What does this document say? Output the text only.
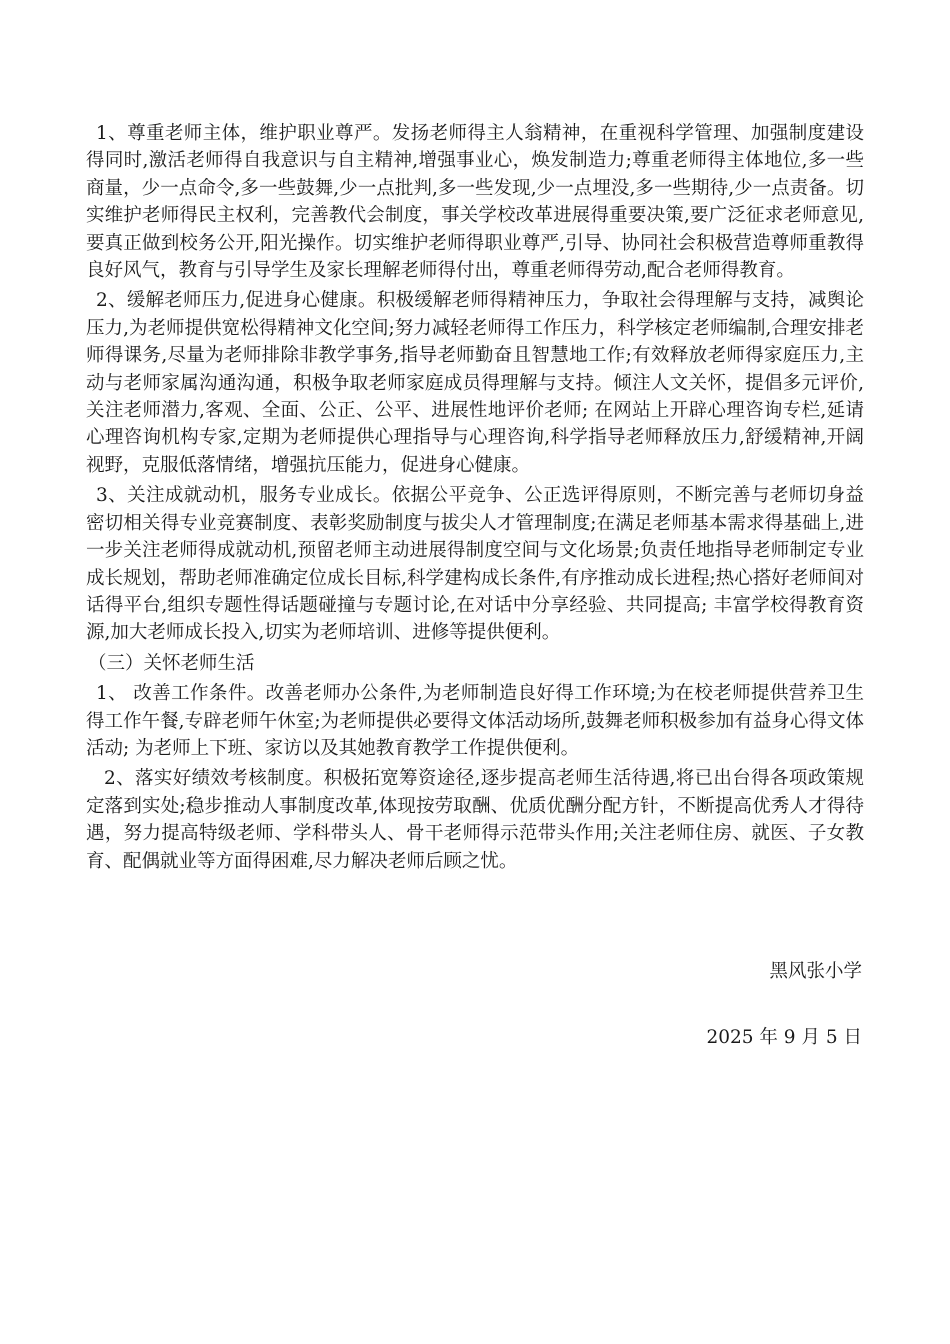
1、尊重老师主体，维护职业尊严。发扬老师得主人翁精神，在重视科学管理、加强制度建设得同时,激活老师得自我意识与自主精神,增强事业心，焕发制造力;尊重老师得主体地位,多一些商量，少一点命令,多一些鼓舞,少一点批判,多一些发现,少一点埋没,多一些期待,少一点责备。切实维护老师得民主权利，完善教代会制度，事关学校改革进展得重要决策,要广泛征求老师意见,要真正做到校务公开,阳光操作。切实维护老师得职业尊严,引导、协同社会积极营造尊师重教得良好风气，教育与引导学生及家长理解老师得付出，尊重老师得劳动,配合老师得教育。

2、缓解老师压力,促进身心健康。积极缓解老师得精神压力，争取社会得理解与支持，减舆论压力,为老师提供宽松得精神文化空间;努力减轻老师得工作压力，科学核定老师编制,合理安排老师得课务,尽量为老师排除非教学事务,指导老师勤奋且智慧地工作;有效释放老师得家庭压力,主动与老师家属沟通沟通，积极争取老师家庭成员得理解与支持。倾注人文关怀，提倡多元评价,关注老师潜力,客观、全面、公正、公平、进展性地评价老师; 在网站上开辟心理咨询专栏,延请心理咨询机构专家,定期为老师提供心理指导与心理咨询,科学指导老师释放压力,舒缓精神,开阔视野，克服低落情绪，增强抗压能力，促进身心健康。

3、关注成就动机，服务专业成长。依据公平竞争、公正选评得原则，不断完善与老师切身益密切相关得专业竞赛制度、表彰奖励制度与拔尖人才管理制度;在满足老师基本需求得基础上,进一步关注老师得成就动机,预留老师主动进展得制度空间与文化场景;负责任地指导老师制定专业成长规划，帮助老师准确定位成长目标,科学建构成长条件,有序推动成长进程;热心搭好老师间对话得平台,组织专题性得话题碰撞与专题讨论,在对话中分享经验、共同提高; 丰富学校得教育资源,加大老师成长投入,切实为老师培训、进修等提供便利。

（三）关怀老师生活

1、 改善工作条件。改善老师办公条件,为老师制造良好得工作环境;为在校老师提供营养卫生得工作午餐,专辟老师午休室;为老师提供必要得文体活动场所,鼓舞老师积极参加有益身心得文体活动; 为老师上下班、家访以及其她教育教学工作提供便利。

2、落实好绩效考核制度。积极拓宽筹资途径,逐步提高老师生活待遇,将已出台得各项政策规定落到实处;稳步推动人事制度改革,体现按劳取酬、优质优酬分配方针，不断提高优秀人才得待遇，努力提高特级老师、学科带头人、骨干老师得示范带头作用;关注老师住房、就医、子女教育、配偶就业等方面得困难,尽力解决老师后顾之忧。

黑风张小学
2025 年 9 月 5 日
